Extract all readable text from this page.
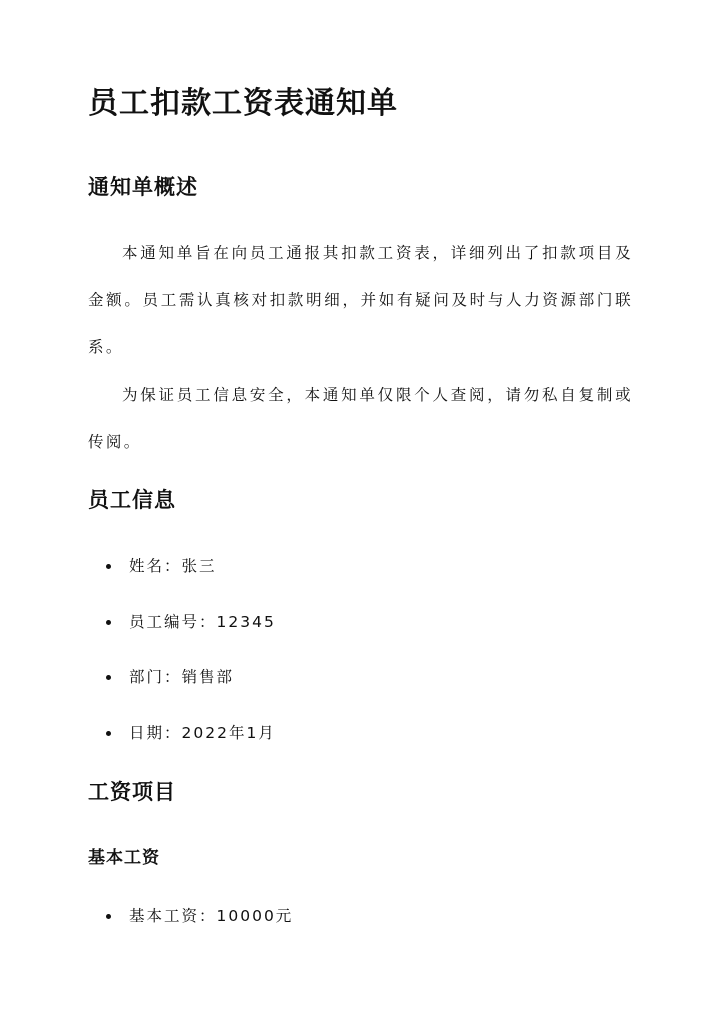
员工扣款工资表通知单
通知单概述

本通知单旨在向员工通报其扣款工资表，详细列出了扣款项目及金额。员工需认真核对扣款明细，并如有疑问及时与人力资源部门联系。

为保证员工信息安全，本通知单仅限个人查阅，请勿私自复制或传阅。

员工信息
姓名：张三
员工编号：12345
部门：销售部
日期：2022年1月
工资项目
基本工资
基本工资：10000元
